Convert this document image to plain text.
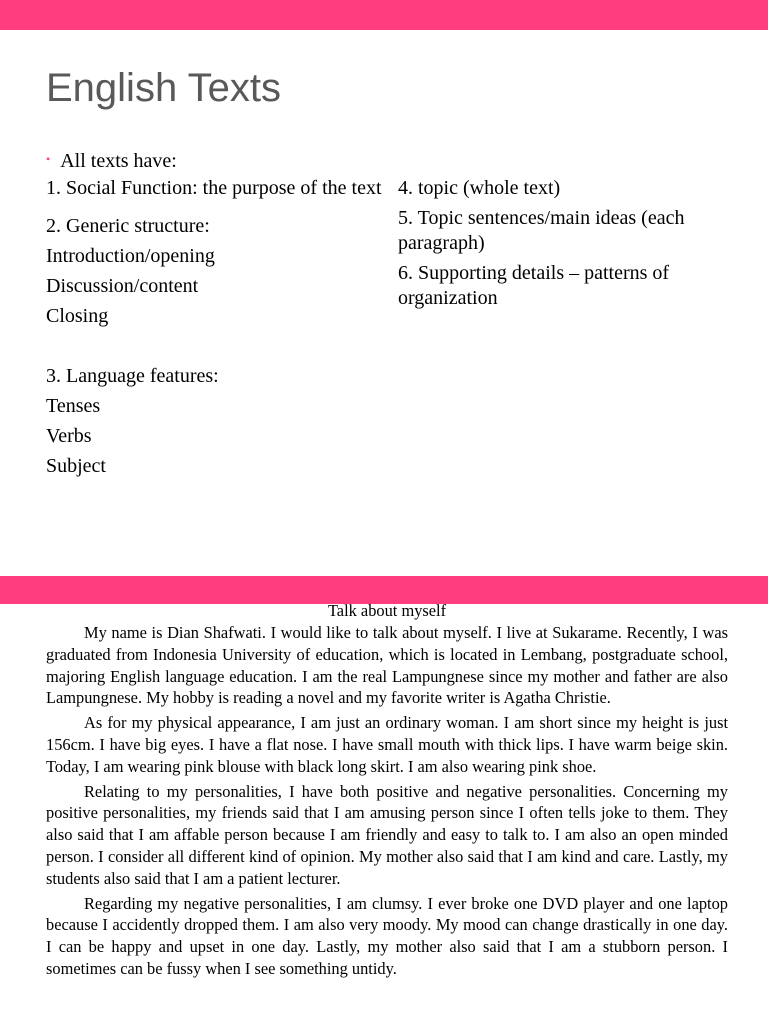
English Texts
• All texts have:

1. Social Function: the purpose of the text

2. Generic structure:

Introduction/opening

Discussion/content

Closing

3. Language features:

Tenses

Verbs

Subject

4. topic (whole text)

5. Topic sentences/main ideas (each paragraph)

6. Supporting details – patterns of organization

Talk about myself

My name is Dian Shafwati. I would like to talk about myself. I live at Sukarame. Recently, I was graduated from Indonesia University of education, which is located in Lembang, postgraduate school, majoring English language education. I am the real Lampungnese since my mother and father are also Lampungnese. My hobby is reading a novel and my favorite writer is Agatha Christie.

As for my physical appearance, I am just an ordinary woman. I am short since my height is just 156cm. I have big eyes. I have a flat nose. I have small mouth with thick lips. I have warm beige skin. Today, I am wearing pink blouse with black long skirt. I am also wearing pink shoe.

Relating to my personalities, I have both positive and negative personalities. Concerning my positive personalities, my friends said that I am amusing person since I often tells joke to them. They also said that I am affable person because I am friendly and easy to talk to. I am also an open minded person. I consider all different kind of opinion. My mother also said that I am kind and care. Lastly, my students also said that I am a patient lecturer.

Regarding my negative personalities, I am clumsy. I ever broke one DVD player and one laptop because I accidently dropped them. I am also very moody. My mood can change drastically in one day. I can be happy and upset in one day. Lastly, my mother also said that I am a stubborn person. I sometimes can be fussy when I see something untidy.
